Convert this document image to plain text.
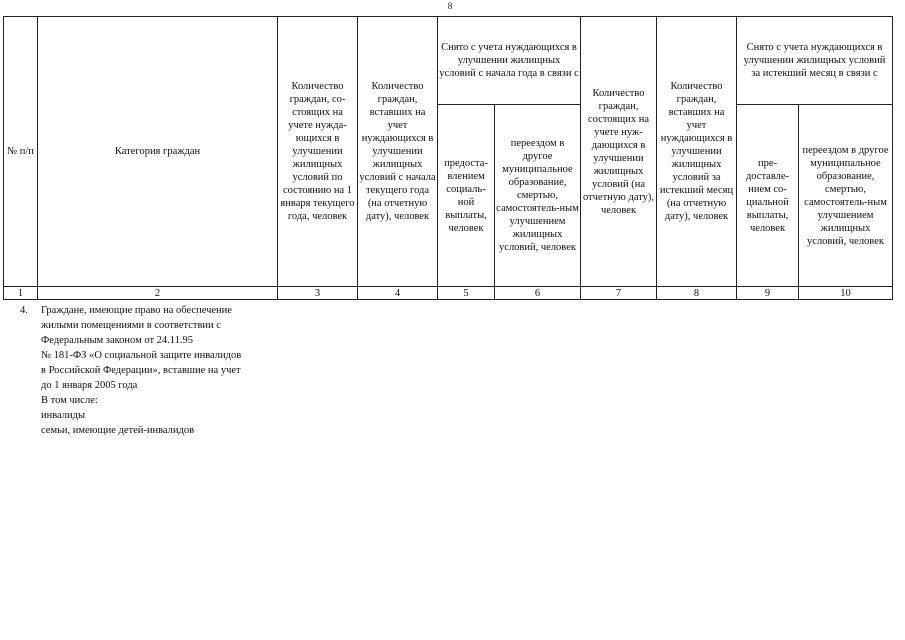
8
№ п/п	Категория граждан	Количество граждан, со-стоящих на учете нужда-ющихся в улучшении жилищных условий по состоянию на 1 января текущего года, человек	Количество граждан, вставших на учет нуждающихся в улучшении жилищных условий с начала текущего года (на отчетную дату), человек	Снято с учета нуждающихся в улучшении жилищных условий с начала года в связи с		Количество граждан, состоящих на учете нуж-дающихся в улучшении жилищных условий (на отчетную дату), человек	Количество граждан, вставших на учет нуждающихся в улучшении жилищных условий за истекший месяц (на отчетную дату), человек	Снято с учета нуждающихся в улучшении жилищных условий за истекший месяц в связи с	
				предоста-влением социаль-ной выплаты, человек	переездом в другое муниципальное образование, смертью, самостоятель-ным улучшением жилищных условий, человек			пре-доставле-нием со-циальной выплаты, человек	переездом в другое муниципальное образование, смертью, самостоятель-ным улучшением жилищных условий, человек
1	2	3	4	5	6	7	8	9	10
4. Граждане, имеющие право на обеспечение
жилыми помещениями в соответствии с
Федеральным законом от 24.11.95
№ 181-ФЗ «О социальной защите инвалидов
в Российской Федерации», вставшие на учет
до 1 января 2005 года
В том числе:
инвалиды
семьи, имеющие детей-инвалидов
